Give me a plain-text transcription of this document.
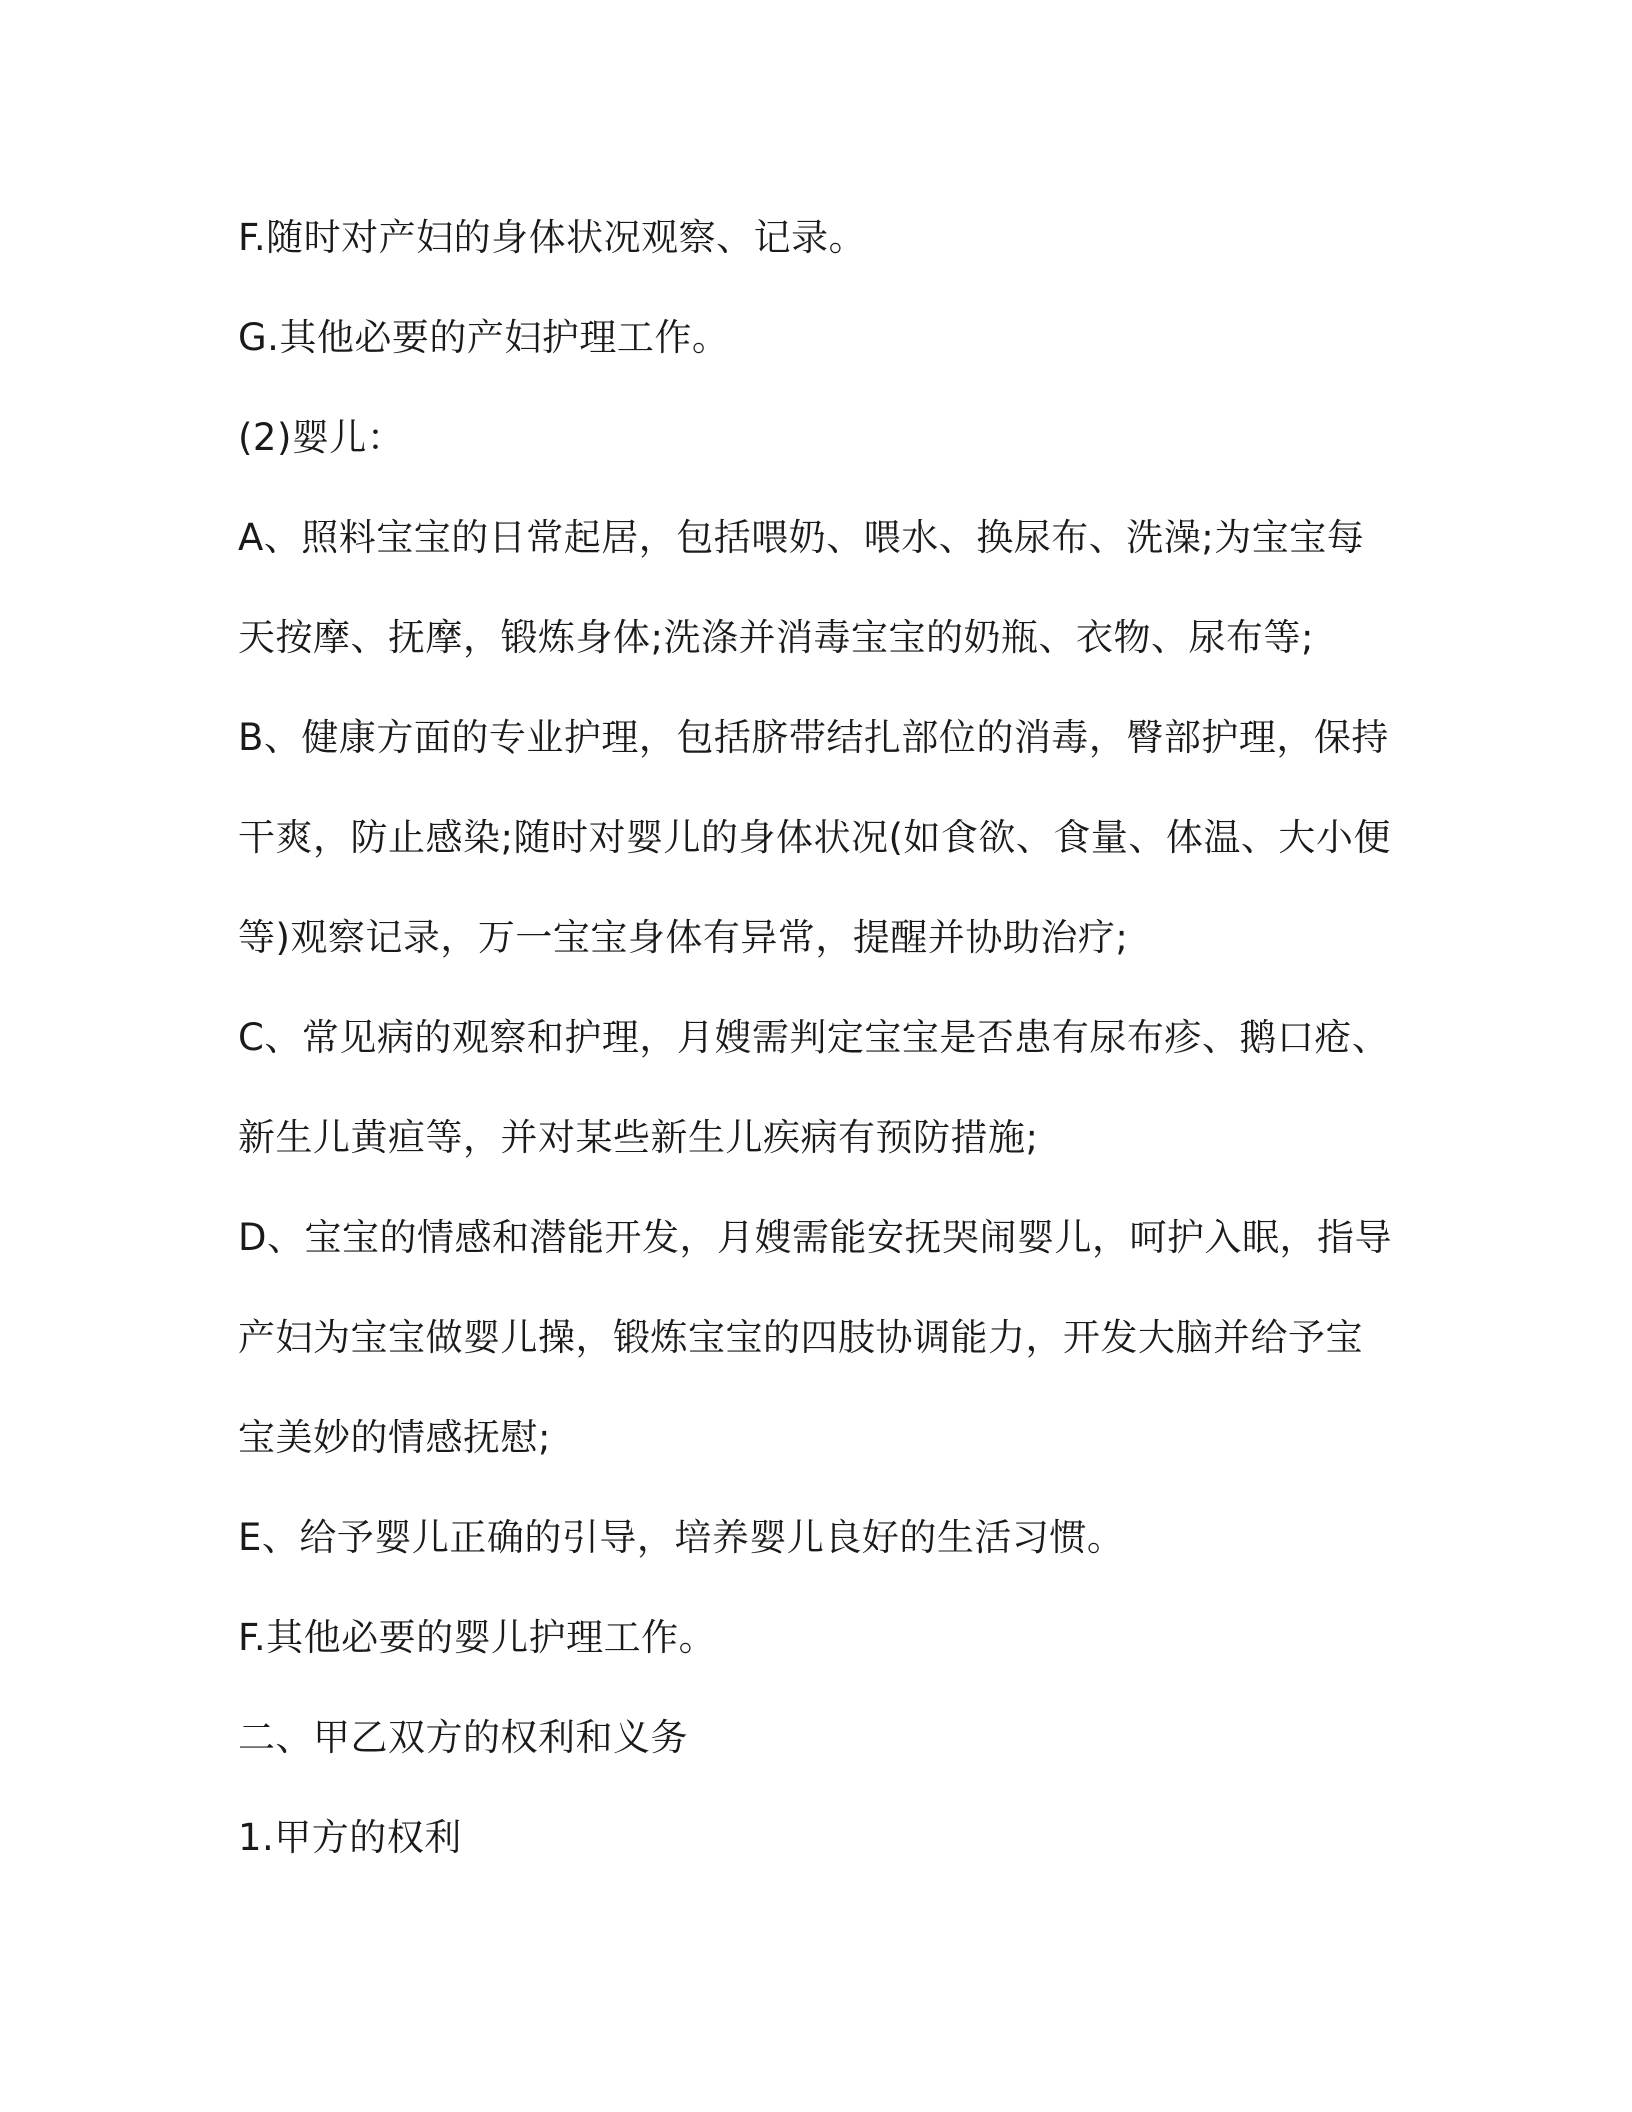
F.随时对产妇的身体状况观察、记录。

G.其他必要的产妇护理工作。

(2)婴儿：

A、照料宝宝的日常起居，包括喂奶、喂水、换尿布、洗澡;为宝宝每天按摩、抚摩，锻炼身体;洗涤并消毒宝宝的奶瓶、衣物、尿布等;

B、健康方面的专业护理，包括脐带结扎部位的消毒，臀部护理，保持干爽，防止感染;随时对婴儿的身体状况(如食欲、食量、体温、大小便等)观察记录，万一宝宝身体有异常，提醒并协助治疗;

C、常见病的观察和护理，月嫂需判定宝宝是否患有尿布疹、鹅口疮、新生儿黄疸等，并对某些新生儿疾病有预防措施;

D、宝宝的情感和潜能开发，月嫂需能安抚哭闹婴儿，呵护入眠，指导产妇为宝宝做婴儿操，锻炼宝宝的四肢协调能力，开发大脑并给予宝宝美妙的情感抚慰;

E、给予婴儿正确的引导，培养婴儿良好的生活习惯。

F.其他必要的婴儿护理工作。

二、甲乙双方的权利和义务

1.甲方的权利
